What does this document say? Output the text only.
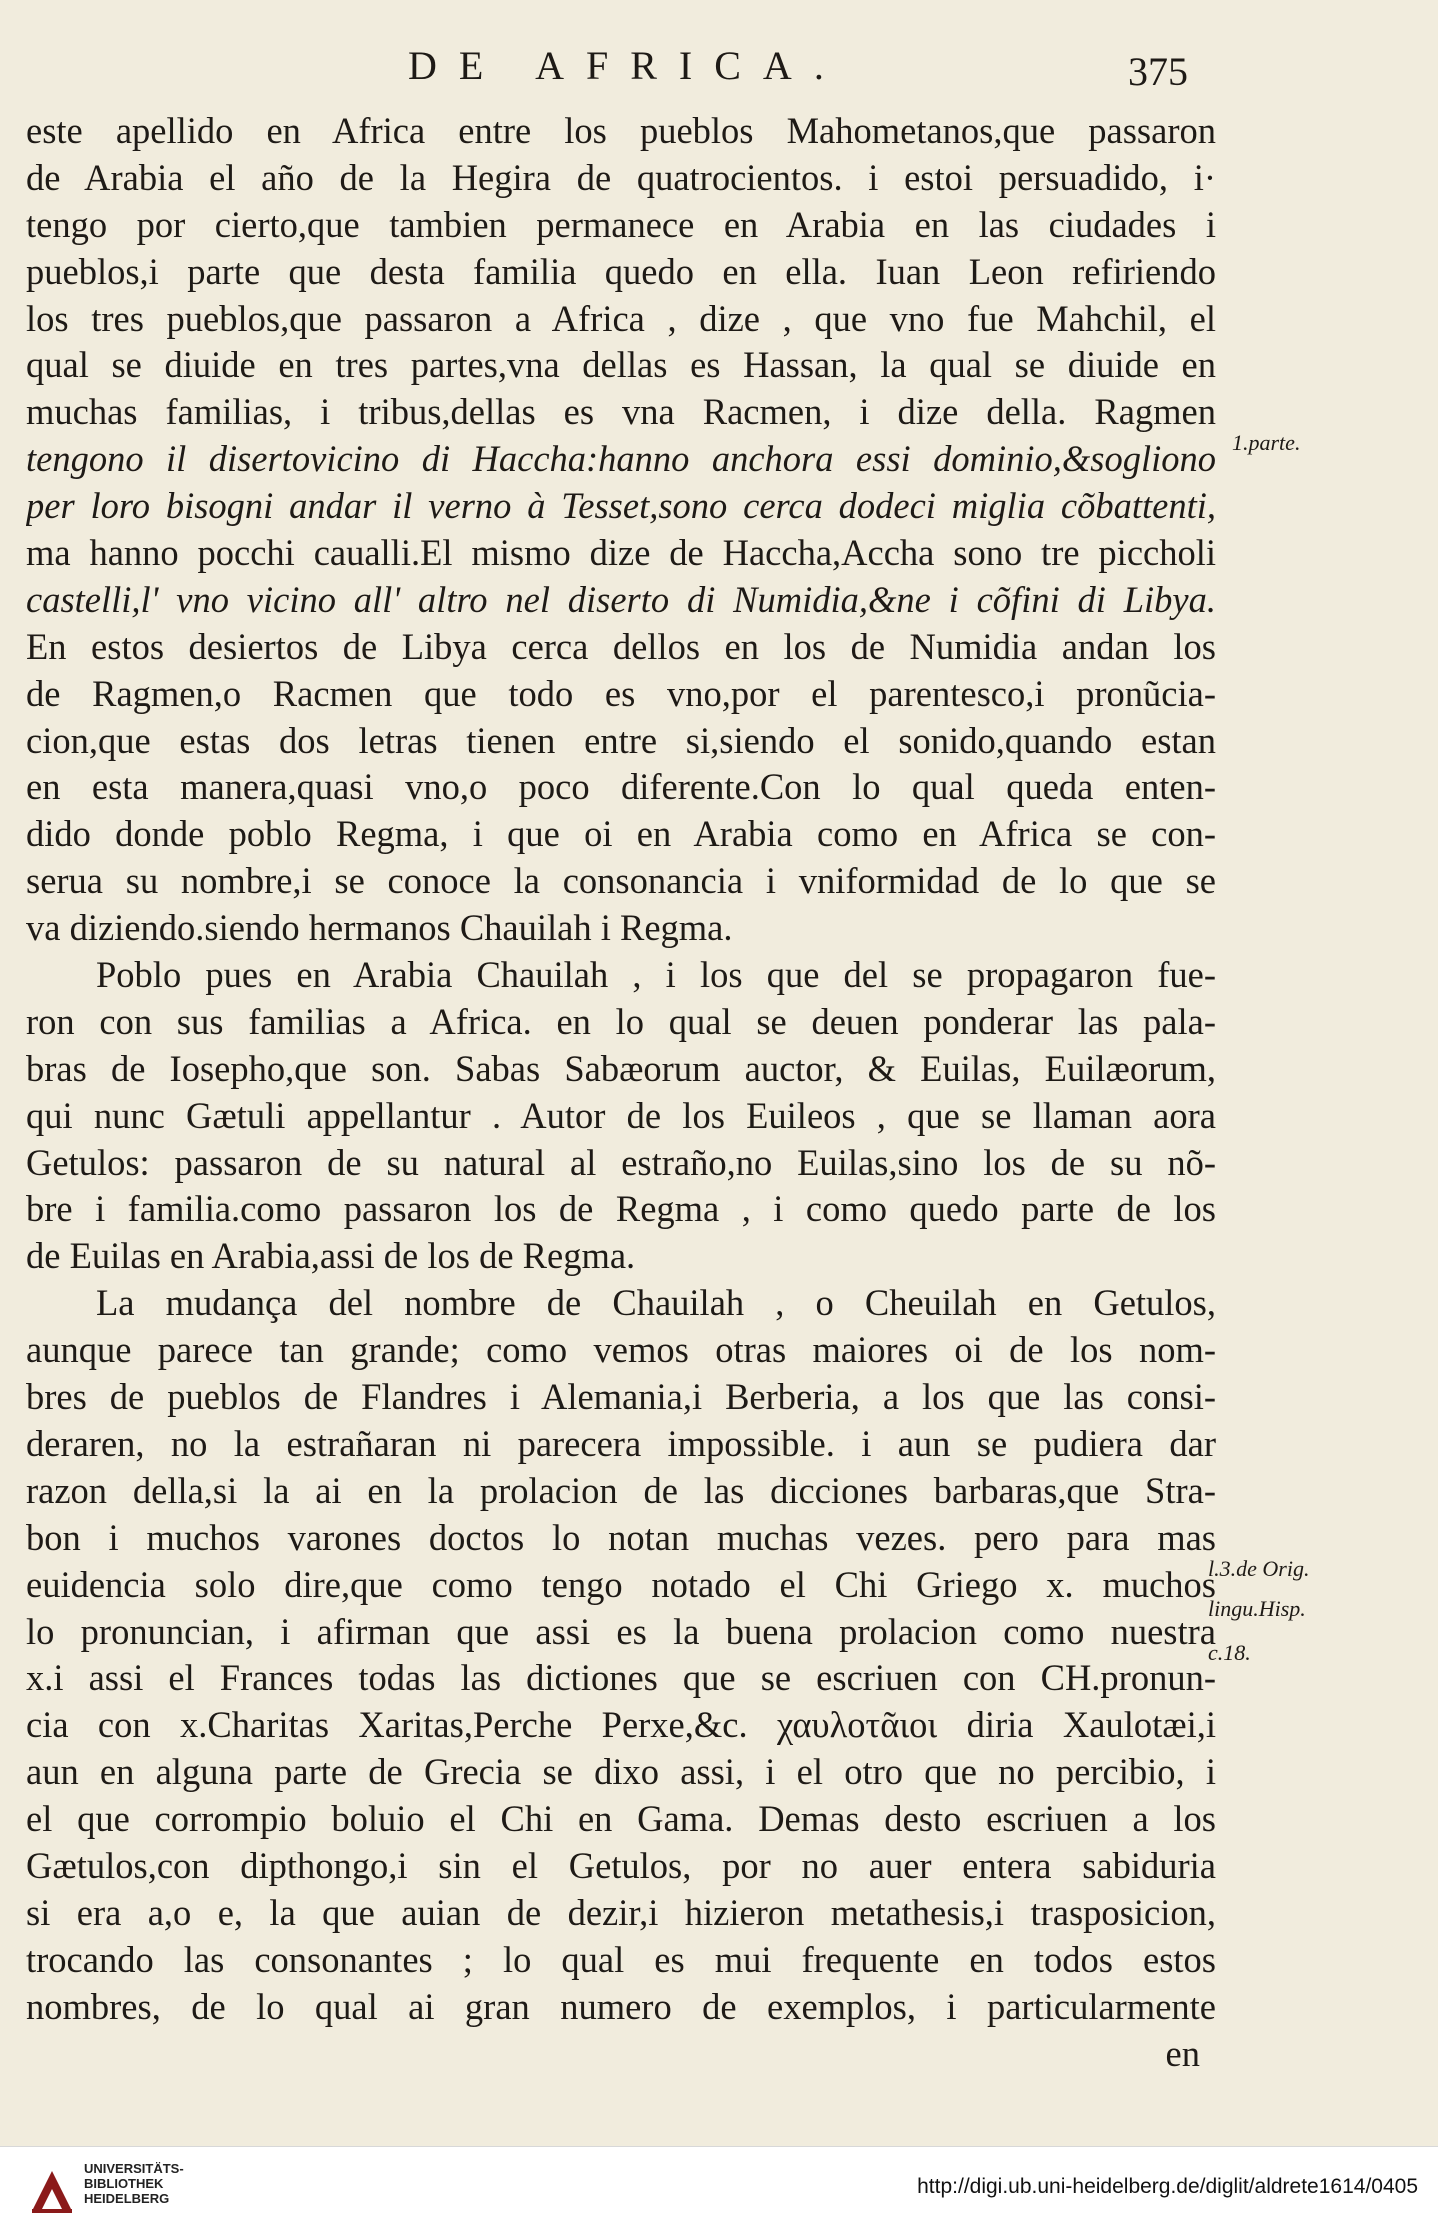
DE AFRICA.	375
este apellido en Africa entre los pueblos Mahometanos,que passaron
de Arabia el año de la Hegira de quatrocientos. i estoi persuadido, i·
tengo por cierto,que tambien permanece en Arabia en las ciudades i
pueblos,i parte que desta familia quedo en ella. Iuan Leon refiriendo
los tres pueblos,que passaron a Africa , dize , que vno fue Mahchil, el
qual se diuide en tres partes,vna dellas es Hassan, la qual se diuide en
muchas familias, i tribus,dellas es vna Racmen, i dize della. Ragmen
tengono il disertovicino di Haccha:hanno anchora essi dominio,&sogliono
per loro bisogni andar il verno à Tesset,sono cerca dodeci miglia cõbattenti,
ma hanno pocchi caualli.El mismo dize de Haccha,Accha sono tre piccholi
castelli,l' vno vicino all' altro nel diserto di Numidia,&ne i cõfini di Libya.
En estos desiertos de Libya cerca dellos en los de Numidia andan los
de Ragmen,o Racmen que todo es vno,por el parentesco,i pronũcia-
cion,que estas dos letras tienen entre si,siendo el sonido,quando estan
en esta manera,quasi vno,o poco diferente.Con lo qual queda enten-
dido donde poblo Regma, i que oi en Arabia como en Africa se con-
serua su nombre,i se conoce la consonancia i vniformidad de lo que se
va diziendo.siendo hermanos Chauilah i Regma.
Poblo pues en Arabia Chauilah , i los que del se propagaron fue-
ron con sus familias a Africa. en lo qual se deuen ponderar las pala-
bras de Iosepho,que son. Sabas Sabæorum auctor, & Euilas, Euilæorum,
qui nunc Gætuli appellantur . Autor de los Euileos , que se llaman aora
Getulos: passaron de su natural al estraño,no Euilas,sino los de su nõ-
bre i familia.como passaron los de Regma , i como quedo parte de los
de Euilas en Arabia,assi de los de Regma.
La mudança del nombre de Chauilah , o Cheuilah en Getulos,
aunque parece tan grande; como vemos otras maiores oi de los nom-
bres de pueblos de Flandres i Alemania,i Berberia, a los que las consi-
deraren, no la estrañaran ni parecera impossible. i aun se pudiera dar
razon della,si la ai en la prolacion de las dicciones barbaras,que Stra-
bon i muchos varones doctos lo notan muchas vezes. pero para mas
euidencia solo dire,que como tengo notado el Chi Griego x. muchos
lo pronuncian, i afirman que assi es la buena prolacion como nuestra
x.i assi el Frances todas las dictiones que se escriuen con CH.pronun-
cia con x.Charitas Xaritas,Perche Perxe,&c. χαυλοτᾶιοι diria Xaulotæi,i
aun en alguna parte de Grecia se dixo assi, i el otro que no percibio, i
el que corrompio boluio el Chi en Gama. Demas desto escriuen a los
Gætulos,con dipthongo,i sin el Getulos, por no auer entera sabiduria
si era a,o e, la que auian de dezir,i hizieron metathesis,i trasposicion,
trocando las consonantes ; lo qual es mui frequente en todos estos
nombres, de lo qual ai gran numero de exemplos, i particularmente
en
1.parte.
l.3.de Orig.
lingu.Hisp.
c.18.
UNIVERSITÄTS-
BIBLIOTHEK
HEIDELBERG
http://digi.ub.uni-heidelberg.de/diglit/aldrete1614/0405
